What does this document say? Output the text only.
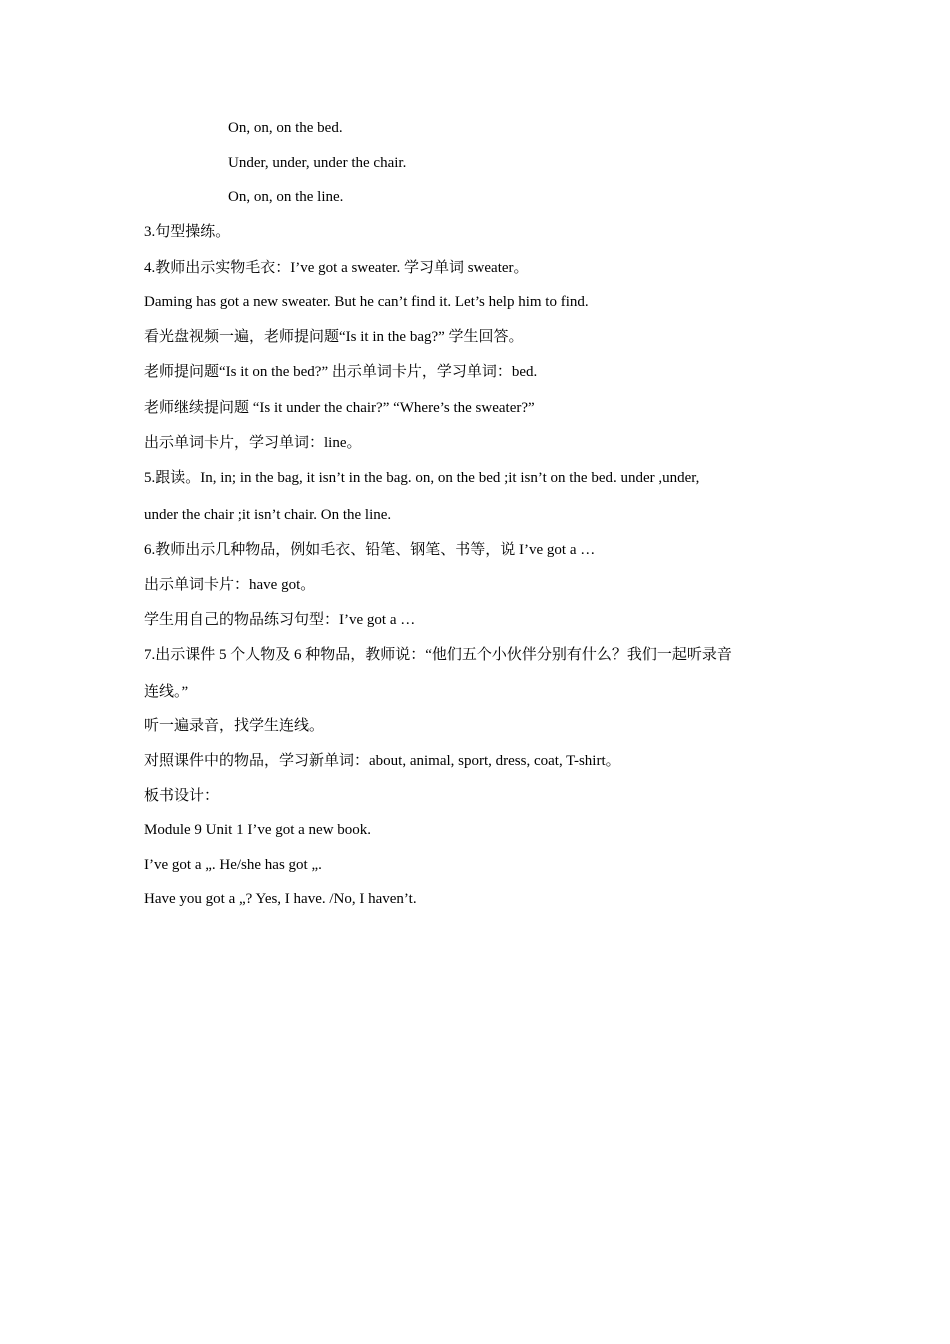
On, on, on the bed.
Under, under, under the chair.
On, on, on the line.
3.句型操练。
4.教师出示实物毛衣：I’ve got a sweater. 学习单词 sweater。
Daming has got a new sweater. But he can’t find it. Let’s help him to find.
看光盘视频一遍，老师提问题“Is it in the bag?” 学生回答。
老师提问题“Is it on the bed?” 出示单词卡片，学习单词：bed.
老师继续提问题 “Is it under the chair?” “Where’s the sweater?”
出示单词卡片，学习单词：line。
5.跟读。In, in; in the bag, it isn’t in the bag. on, on the bed ;it isn’t on the bed. under ,under,
under the chair ;it isn’t chair. On the line.
6.教师出示几种物品，例如毛衣、铅笔、钢笔、书等，说 I’ve got a …
出示单词卡片：have got。
学生用自己的物品练习句型：I’ve got a …
7.出示课件 5 个人物及 6 种物品，教师说：“他们五个小伙伴分别有什么？我们一起听录音
连线。”
听一遍录音，找学生连线。
对照课件中的物品，学习新单词：about, animal, sport, dress, coat, T-shirt。
板书设计：
Module 9 Unit 1 I’ve got a new book.
I’ve got a „. He/she has got „.
Have you got a „? Yes, I have. /No, I haven’t.
